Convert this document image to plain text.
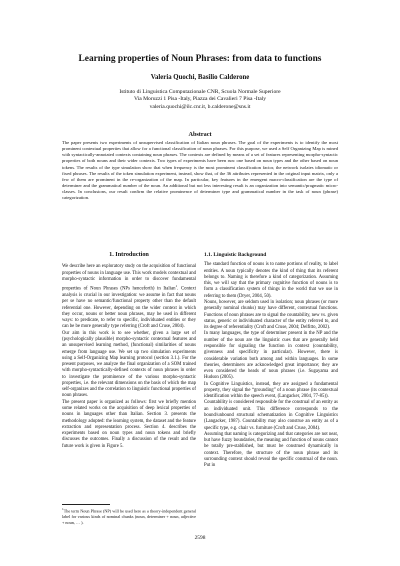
Learning properties of Noun Phrases: from data to functions
Valeria Quochi, Basilio Calderone
Istituto di Linguistica Computazionale CNR, Scuola Normale Superiore
Via Moruzzi 1 Pisa -Italy, Piazza dei Cavalieri 7 Pisa -Italy
valeria.quochi@ilc.cnr.it, b.calderone@sns.it
Abstract
The paper presents two experiments of unsupervised classification of Italian noun phrases. The goal of the experiments is to identify the most prominent contextual properties that allow for a functional classification of noun phrases. For this purpose, we used a Self Organizing Map is mined with syntactically-annotated contexts containing noun phrases. The contexts are defined by means of a set of features representing morpho-syntactic properties of both nouns and their wider contexts. Two types of experiments have been run: one based on noun types and the other based on noun tokens. The results of the type simulation show that when frequency is the most prominent classification factor, the network isolates idiomatic or fixed phrases. The results of the token simulation experiment, instead, show that, of the 36 attributes represented in the original input matrix, only a few of them are prominent in the re-organization of the map. In particular, key features in the emergent macro-classification are the type of determiner and the grammatical number of the noun. An additional but not less interesting result is an organization into semantic/pragmatic micro-classes. In conclusions, our result confirm the relative prominence of determiner type and grammatical number in the task of noun (phrase) categorization.
1. Introduction

We describe here an exploratory study on the acquisition of functional properties of nouns in language use. This work models contextual and morpho-syntactic information in order to discover fundamental properties of Noun Phrases (NPs henceforth) in Italian$^1$. Context analysis is crucial in our investigation: we assume in fact that nouns per se have no semantic/functional property other than the default referential one. However, depending on the wider context in which they occur, nouns or better noun phrases, may be used in different ways: to predicate, to refer to specific, individuated entities or they can be be more generally type referring (Croft and Cruse, 2004).

Our aim in this work is to see whether, given a large set of (psychologically plausible) morpho-syntactic contextual features and an unsupervised learning method, (functional) similarities of nouns emerge from language use. We set up two simulation experiments using a Self-Organizing Map learning protocol (section 3.1.). For the present purposes, we analyze the final organization of a SOM trained with morpho-syntactically-defined contexts of noun phrases in order to investigate the prominence of the various morpho-syntactic properties, i.e. the relevant dimensions on the basis of which the map self-organizes and the correlation to linguistic functional properties of noun phrases.

The present paper is organized as follows: first we briefly mention some related works on the acquisition of deep lexical properties of nouns in languages other than Italian. Section 3. presents the methodology adopted: the learning system, the dataset and the feature extraction and representation process. Section 4. describes the experiments based on noun types and noun tokens and briefly discusses the outcomes. Finally a discussion of the result and the future work is given in Figure 5.

1.1. Linguistic Background

The standard function of nouns is to name portions of reality, to label entities. A noun typically denotes the kind of thing that its referent belongs to. Naming is therefore a kind of categorization. Assuming this, we will say that the primary cognitive function of nouns is to form a classification system of things in the world that we use in referring to them (Dryer, 2004, 50).

Nouns, however, are seldom used in isolation; noun phrases (or more generally nominal chunks) may have different, contextual functions. Functions of noun phrases are to signal the countability, new vs. given status, generic or individuated character of the entity referred to, and its degree of referentiality (Croft and Cruse, 2004; Delfitto, 2002).

In many languages, the type of determiner present in the NP and the number of the noun are the linguistic cues that are generally held responsible for signaling the function in context (countability, givenness and specificity in particular). However, there is considerable variation both among and within languages. In some theories, determiners are acknowledged great importance; they are even considered the heads of noun phrases (i.e. Sugayama and Hudson (2005).

In Cognitive Linguistics, instead, they are assigned a fundamental property, they signal the “grounding” of a noun phrase (its contextual identification within the speech event, (Langacker, 2004, 77-85)).

Countability is considered responsible for the construal of an entity as an individuated unit. This difference corresponds to the bound/unbound structural schematization in Cognitive Linguistics (Langacker, 1987). Countability may also construe an entity as of a specific type, e.g. chair vs. furniture (Croft and Cruse, 2004).

Assuming that naming is categorizing and that categories are not neat, but have fuzzy boundaries, the meaning and function of nouns cannot be totally pre-stablished, but must be construed dynamically in context. Therefore, the structure of the noun phrase and its surrounding context should reveal the specific construal of the noun. Put in

$^1$The term Noun Phrase (NP) will be used here as a theory-independent general label for various kinds of nominal chunks (noun, determiner + noun, adjective + noun, … ).
2598
